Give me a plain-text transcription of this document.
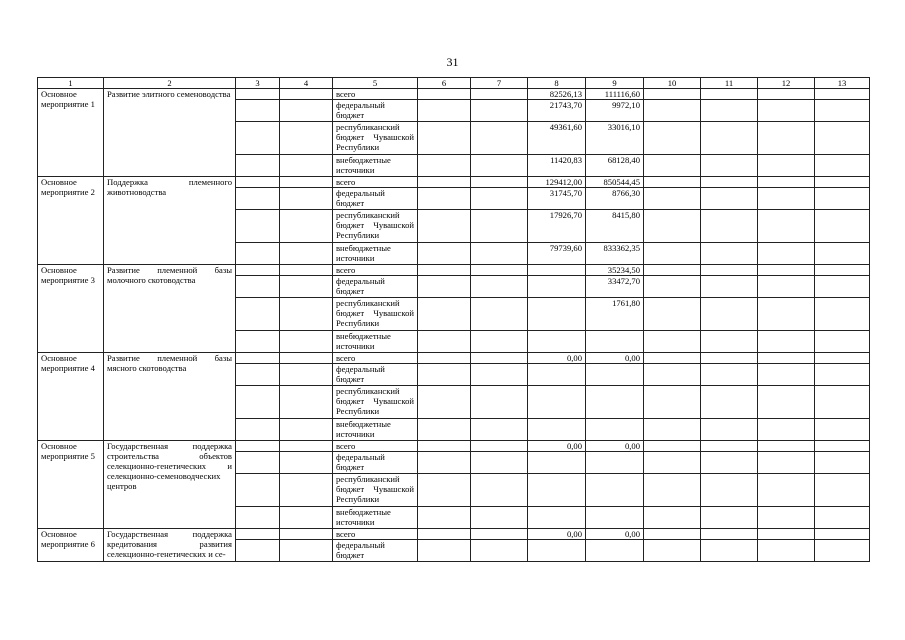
31
1	2	3	4	5	6	7	8	9	10	11	12	13
Основное мероприятие 1	Развитие элитного семеноводства			всего			82526,13	111116,60				
				федеральный бюджет			21743,70	9972,10				
				республиканский бюджет Чувашской Республики			49361,60	33016,10				
				внебюджетные источники			11420,83	68128,40				
Основное мероприятие 2	Поддержка племенного животноводства			всего			129412,00	850544,45				
				федеральный бюджет			31745,70	8766,30				
				республиканский бюджет Чувашской Республики			17926,70	8415,80				
				внебюджетные источники			79739,60	833362,35				
Основное мероприятие 3	Развитие племенной базы молочного скотоводства			всего				35234,50				
				федеральный бюджет				33472,70				
				республиканский бюджет Чувашской Республики				1761,80				
				внебюджетные источники								
Основное мероприятие 4	Развитие племенной базы мясного скотоводства			всего			0,00	0,00				
				федеральный бюджет								
				республиканский бюджет Чувашской Республики								
				внебюджетные источники								
Основное мероприятие 5	Государственная поддержка строительства объектов селекционно-генетических и селекционно-семеноводческих центров			всего			0,00	0,00				
				федеральный бюджет								
				республиканский бюджет Чувашской Республики								
				внебюджетные источники								
Основное мероприятие 6	Государственная поддержка кредитования развития селекционно-генетических и се-			всего			0,00	0,00				
				федеральный бюджет								
